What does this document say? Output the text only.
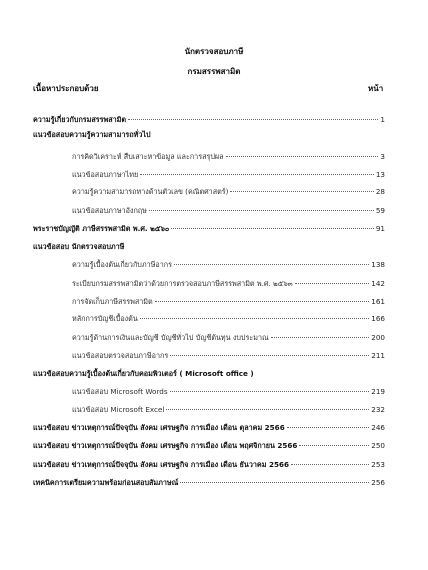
นักตรวจสอบภาษี
กรมสรรพสามิต
เนื้อหาประกอบด้วย	หน้า
ความรู้เกี่ยวกับกรมสรรพสามิต	1
แนวข้อสอบความรู้ความสามารถทั่วไป
การคิดวิเคราะห์ สืบเสาะหาข้อมูล และการสรุปผล	3
แนวข้อสอบภาษาไทย	13
ความรู้ความสามารถทางด้านตัวเลข (คณิตศาสตร์)	28
แนวข้อสอบภาษาอังกฤษ	59
พระราชบัญญัติ ภาษีสรรพสามิต พ.ศ. ๒๕๖๐	91
แนวข้อสอบ นักตรวจสอบภาษี
ความรู้เบื้องต้นเกี่ยวกับภาษีอากร	138
ระเบียบกรมสรรพสามิตว่าด้วยการตรวจสอบภาษีสรรพสามิต พ.ศ. ๒๕๖๓	142
การจัดเก็บภาษีสรรพสามิต	161
หลักการบัญชีเบื้องต้น	166
ความรู้ด้านการเงินและบัญชี บัญชีทั่วไป บัญชีต้นทุน งบประมาณ	200
แนวข้อสอบตรวจสอบภาษีอากร	211
แนวข้อสอบความรู้เบื้องต้นเกี่ยวกับคอมพิวเตอร์ ( Microsoft office )
แนวข้อสอบ Microsoft Words	219
แนวข้อสอบ Microsoft Excel	232
แนวข้อสอบ ข่าวเหตุการณ์ปัจจุบัน สังคม เศรษฐกิจ การเมือง เดือน ตุลาคม 2566	246
แนวข้อสอบ ข่าวเหตุการณ์ปัจจุบัน สังคม เศรษฐกิจ การเมือง เดือน พฤศจิกายน 2566	250
แนวข้อสอบ ข่าวเหตุการณ์ปัจจุบัน สังคม เศรษฐกิจ การเมือง เดือน ธันวาคม 2566	253
เทคนิคการเตรียมความพร้อมก่อนสอบสัมภาษณ์	256
